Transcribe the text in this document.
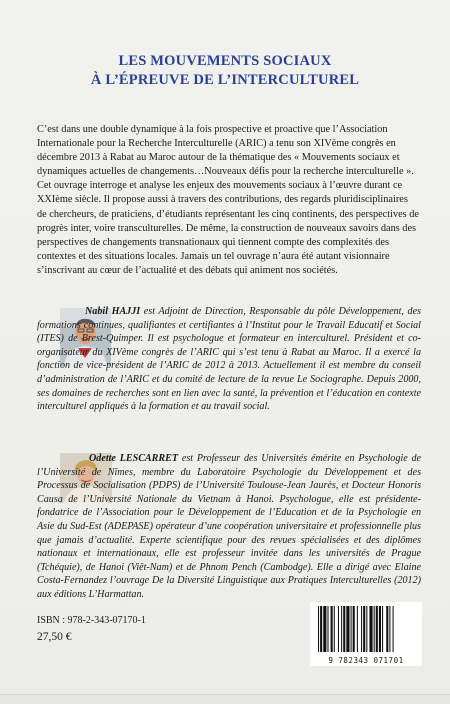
LES MOUVEMENTS SOCIAUX
À L’ÉPREUVE DE L’INTERCULTUREL

C’est dans une double dynamique à la fois prospective et proactive que l’Association Internationale pour la Recherche Interculturelle (ARIC) a tenu son XIVème congrès en décembre 2013 à Rabat au Maroc autour de la thématique des « Mouvements sociaux et dynamiques actuelles de changements…Nouveaux défis pour la recherche interculturelle ». Cet ouvrage interroge et analyse les enjeux des mouvements sociaux à l’œuvre durant ce XXIème siècle. Il propose aussi à travers des contributions, des regards pluridisciplinaires de chercheurs, de praticiens, d’étudiants représentant les cinq continents, des perspectives de progrès inter, voire transculturelles. De même, la construction de nouveaux savoirs dans des perspectives de changements transnationaux qui tiennent compte des complexités des contextes et des situations locales. Jamais un tel ouvrage n’aura été autant visionnaire s’inscrivant au cœur de l’actualité et des débats qui animent nos sociétés.

Nabil HAJJI est Adjoint de Direction, Responsable du pôle Développement, des formations continues, qualifiantes et certifiantes à l’Institut pour le Travail Educatif et Social (ITES) de Brest-Quimper. Il est psychologue et formateur en interculturel. Président et co-organisateur du XIVème congrès de l’ARIC qui s’est tenu à Rabat au Maroc. Il a exercé la fonction de vice-président de l’ARIC de 2012 à 2013. Actuellement il est membre du conseil d’administration de l’ARIC et du comité de lecture de la revue Le Sociographe. Depuis 2000, ses domaines de recherches sont en lien avec la santé, la prévention et l’éducation en contexte interculturel appliqués à la formation et au travail social.

Odette LESCARRET est Professeur des Universités émérite en Psychologie de l’Université de Nîmes, membre du Laboratoire Psychologie du Développement et des Processus de Socialisation (PDPS) de l’Université Toulouse-Jean Jaurès, et Docteur Honoris Causa de l’Université Nationale du Vietnam à Hanoi. Psychologue, elle est présidente-fondatrice de l’Association pour le Développement de l’Education et de la Psychologie en Asie du Sud-Est (ADEPASE) opérateur d’une coopération universitaire et professionnelle plus que jamais d’actualité. Experte scientifique pour des revues spécialisées et des diplômes nationaux et internationaux, elle est professeur invitée dans les universités de Prague (Tchéquie), de Hanoi (Viêt-Nam) et de Phnom Pench (Cambodge). Elle a dirigé avec Elaine Costa-Fernandez l’ouvrage De la Diversité Linguistique aux Pratiques Interculturelles (2012) aux éditions L’Harmattan.

ISBN : 978-2-343-07170-1
27,50 €
9 782343 071701
